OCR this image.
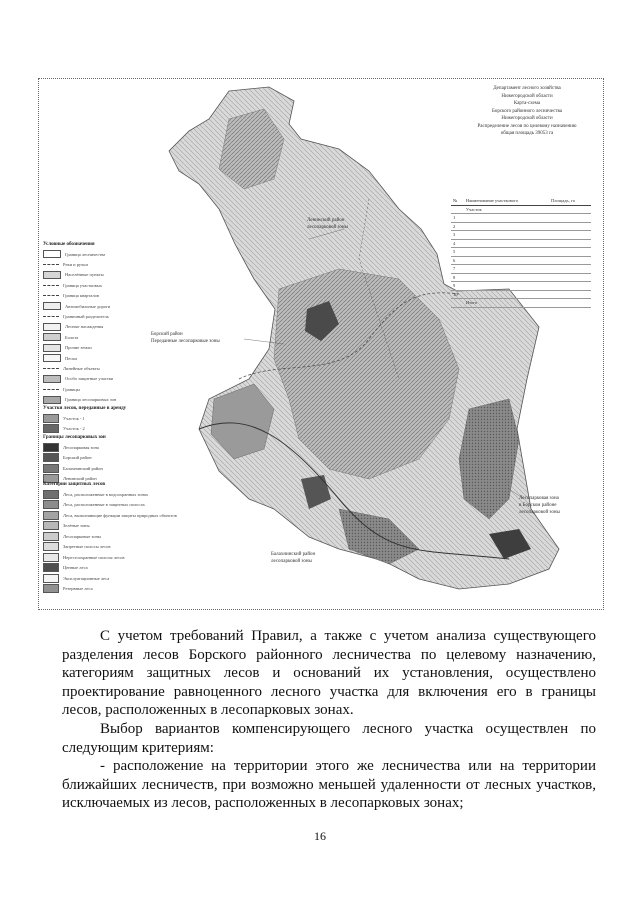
Департамент лесного хозяйства
Нижегородской области
Карта-схема
Борского районного лесничества
Нижегородской области
Распределение лесов по целевому назначению
общая площадь 39053 га
Ленинский район
лесопарковой зоны
Борский район
Переданные лесопарковые зоны
Лесопарковая зона
в Борском районе
лесопарковой зоны
Балахнинский район
лесопарковой зоны
Условные обозначения
Граница лесничества
Реки и ручьи
Населённые пункты
Граница участковых
Граница кварталов
Автомобильные дороги
Граничный разделитель
Лесные насаждения
Болота
Прочие земли
Пески
Линейные объекты
Особо защитные участки
Границы
Граница лесопарковых зон
Участки лесов, переданные в аренду
Участок - 1
Участок - 2
Границы лесопарковых зон
Лесопарковая зона
Борский район
Балахнинский район
Ленинский район
Категории защитных лесов
Леса, расположенные в водоохранных зонах
Леса, расположенные в защитных полосах
Леса, выполняющие функции защиты природных объектов
Зелёные зоны
Лесопарковые зоны
Запретные полосы лесов
Нерестоохранные полосы лесов
Ценные леса
Эксплуатационные леса
Резервные леса
№	Наименование участкового	Площадь, га
	Участок	
1		
2		
3		
4		
5		
6		
7		
8		
9		
10		
	Итого	

С учетом требований Правил, а также с учетом анализа существующего разделения лесов Борского районного лесничества по целевому назначению, категориям защитных лесов и оснований их установления, осуществлено проектирование равноценного лесного участка для включения его в границы лесов, расположенных в лесопарковых зонах.

Выбор вариантов компенсирующего лесного участка осуществлен по следующим критериям:

- расположение на территории этого же лесничества или на территории ближайших лесничеств, при возможно меньшей удаленности от лесных участков, исключаемых из лесов, расположенных в лесопарковых зонах;

16
